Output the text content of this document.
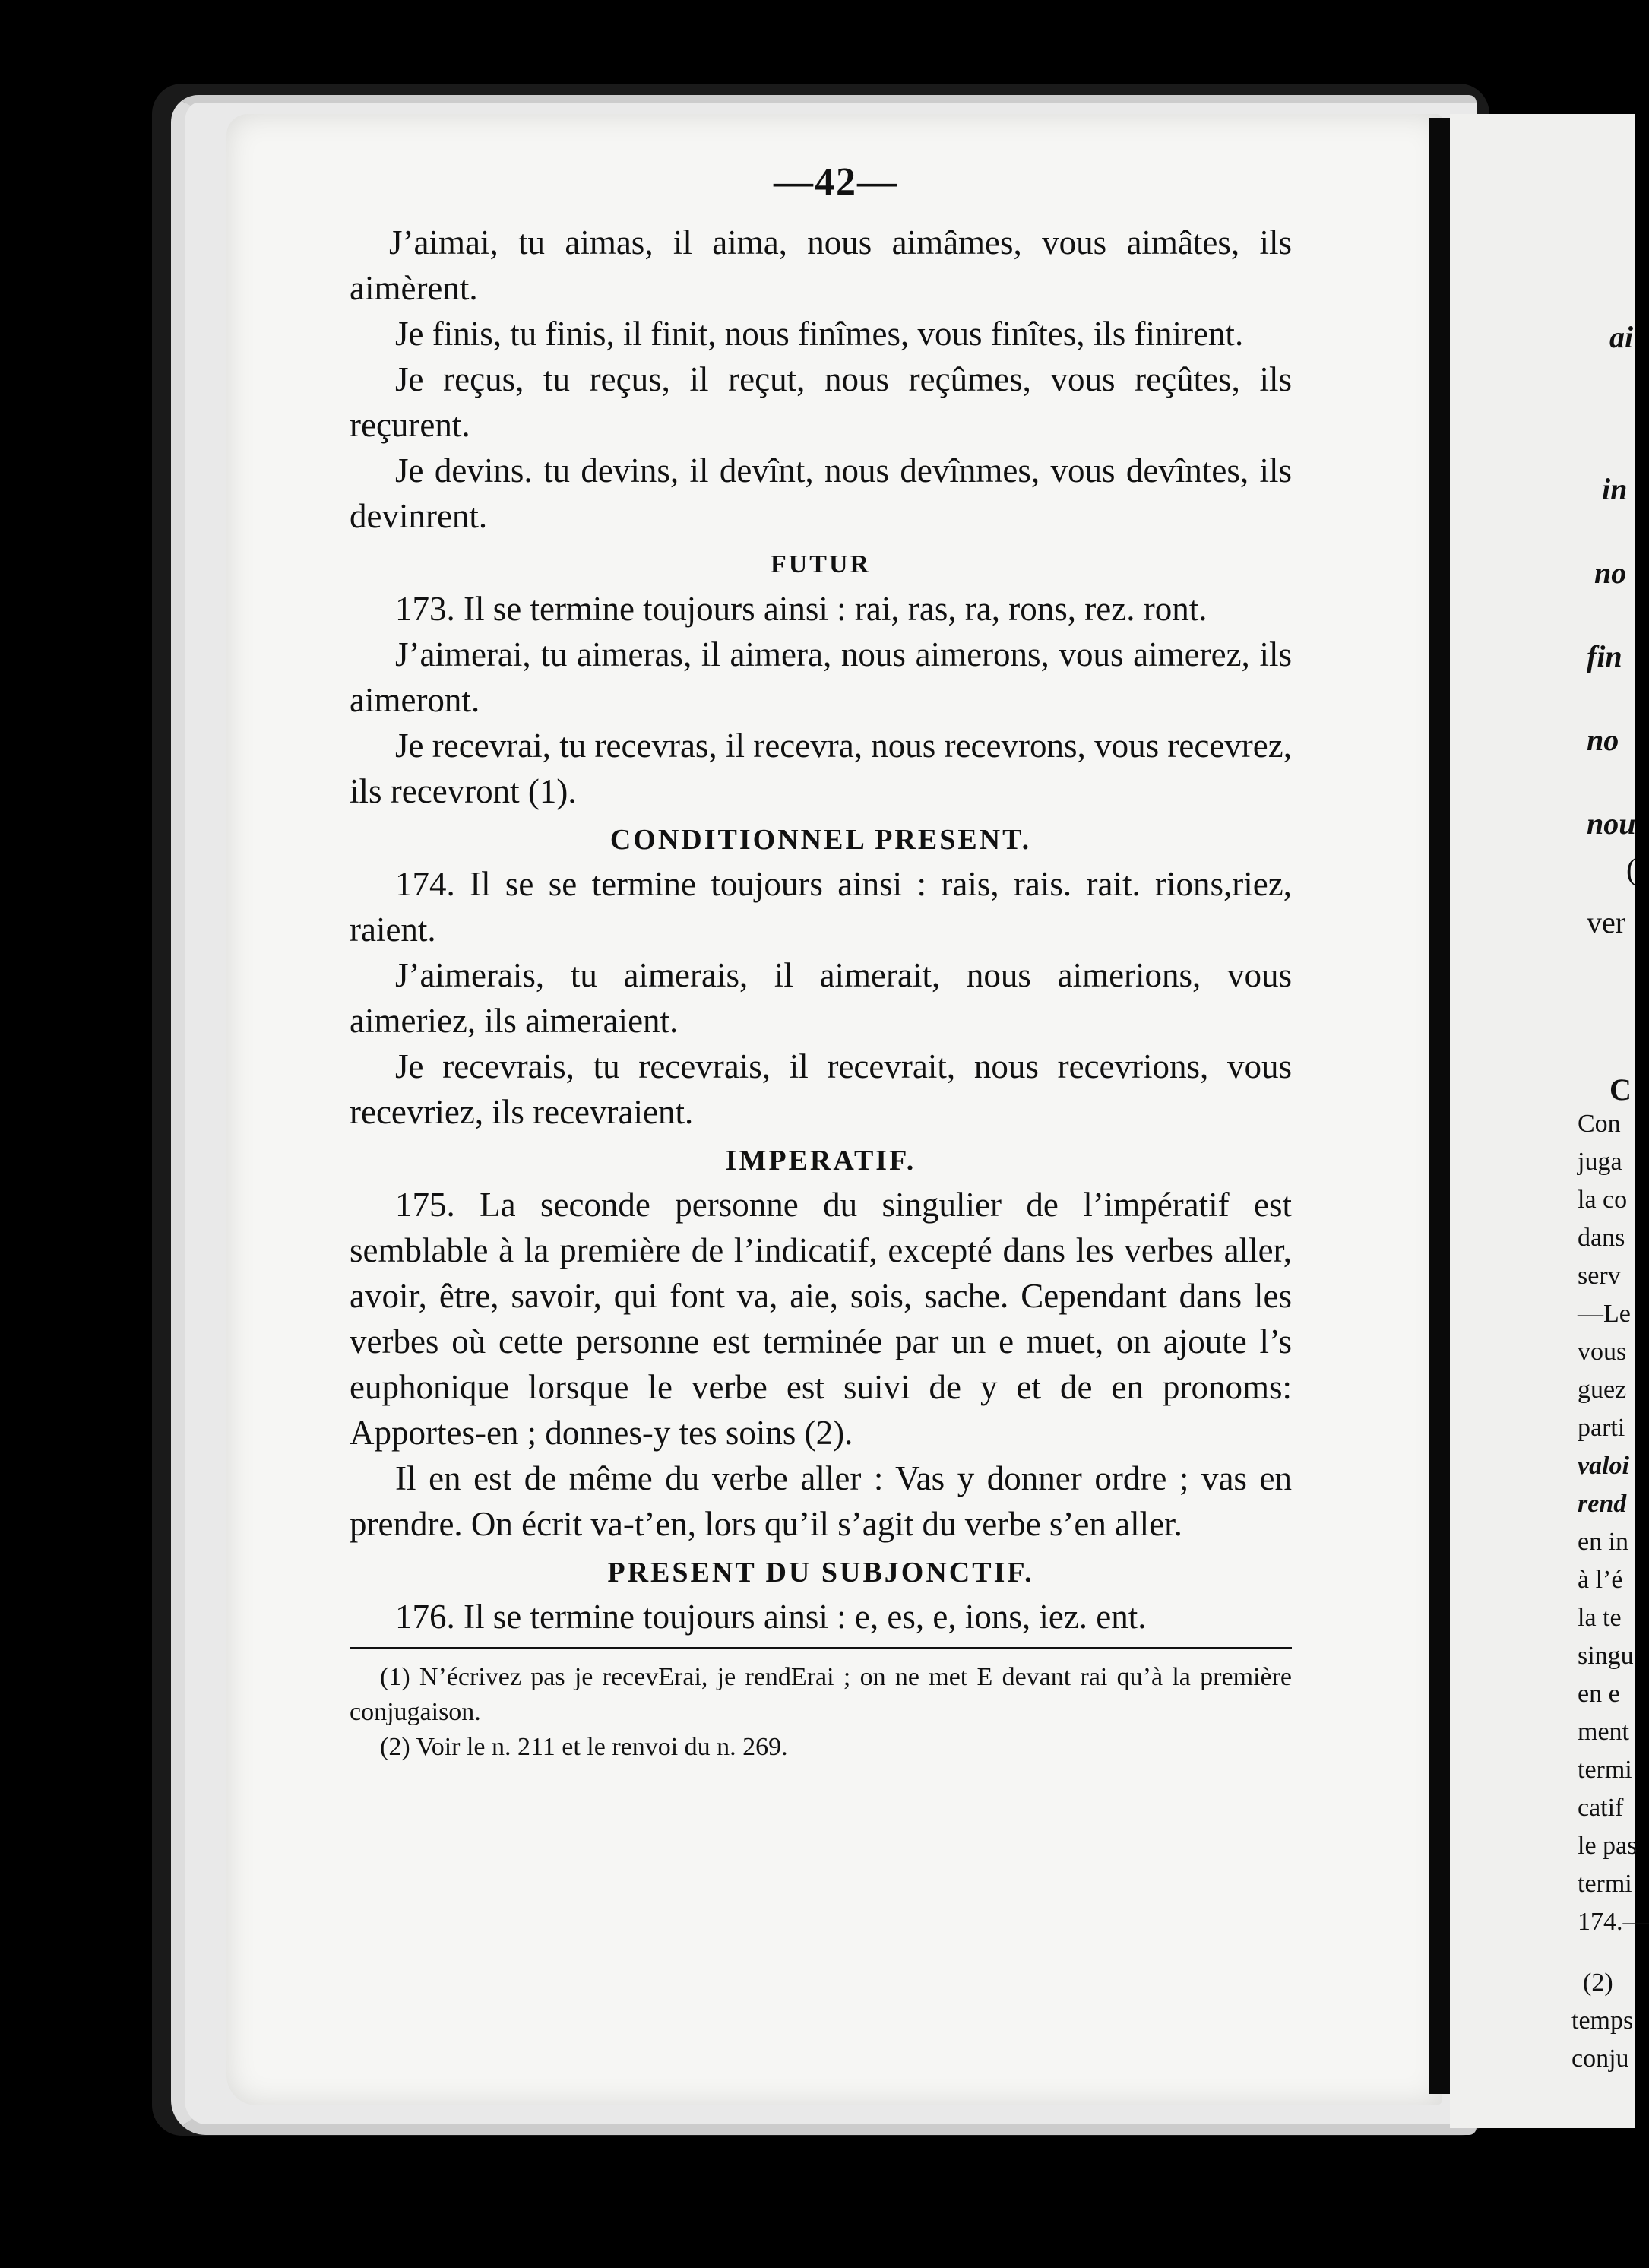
—42—

J’aimai, tu aimas, il aima, nous aimâmes, vous aimâtes, ils aimèrent.

Je finis, tu finis, il finit, nous finîmes, vous finîtes, ils finirent.

Je reçus, tu reçus, il reçut, nous reçûmes, vous reçûtes, ils reçurent.

Je devins. tu devins, il devînt, nous devînmes, vous devîntes, ils devinrent.

FUTUR

173. Il se termine toujours ainsi : rai, ras, ra, rons, rez. ront.

J’aimerai, tu aimeras, il aimera, nous aimerons, vous aimerez, ils aimeront.

Je recevrai, tu recevras, il recevra, nous recevrons, vous recevrez, ils recevront (1).

CONDITIONNEL PRESENT.

174. Il se se termine toujours ainsi : rais, rais. rait. rions,riez, raient.

J’aimerais, tu aimerais, il aimerait, nous aimerions, vous aimeriez, ils aimeraient.

Je recevrais, tu recevrais, il recevrait, nous recevrions, vous recevriez, ils recevraient.

IMPERATIF.

175. La seconde personne du singulier de l’impératif est semblable à la première de l’indicatif, excepté dans les verbes aller, avoir, être, savoir, qui font va, aie, sois, sache. Cependant dans les verbes où cette personne est terminée par un e muet, on ajoute l’s euphonique lorsque le verbe est suivi de y et de en pronoms: Apportes-en ; donnes-y tes soins (2).

Il en est de même du verbe aller : Vas y donner ordre ; vas en prendre. On écrit va-t’en, lors qu’il s’agit du verbe s’en aller.

PRESENT DU SUBJONCTIF.

176. Il se termine toujours ainsi : e, es, e, ions, iez. ent.

(1) N’écrivez pas je recevErai, je rendErai ; on ne met E devant rai qu’à la première conjugaison.

(2) Voir le n. 211 et le renvoi du n. 269.

ai
in
no
fin
no
nou
(
ver
C
Con
juga
la co
dans
serv
—Le
vous
guez
parti
valoi
rend
en in
à l’é
la te
singu
en e
ment
termi
catif
le pas
termi
174.—
(2)
temps
conju
